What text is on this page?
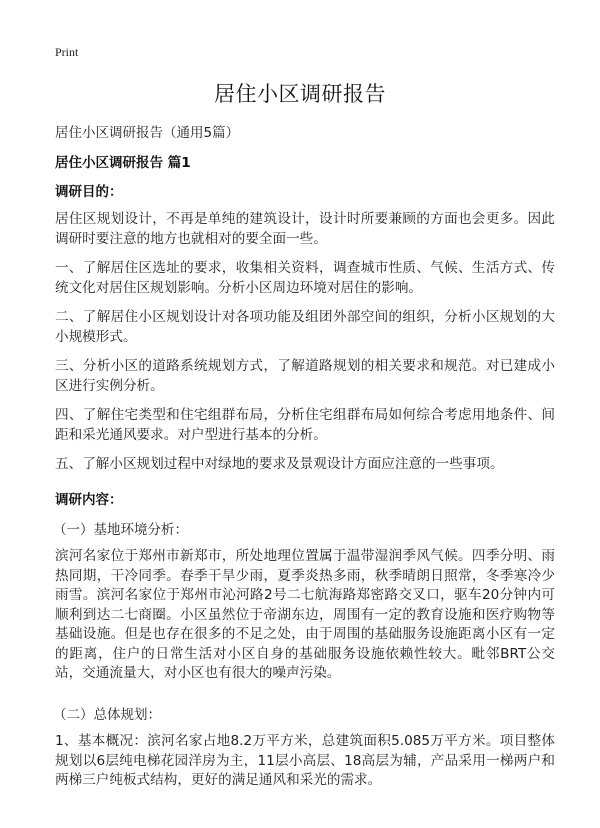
Print
居住小区调研报告

居住小区调研报告（通用5篇）

居住小区调研报告 篇1
调研目的：

居住区规划设计，不再是单纯的建筑设计，设计时所要兼顾的方面也会更多。因此调研时要注意的地方也就相对的要全面一些。

一、了解居住区选址的要求，收集相关资料，调查城市性质、气候、生活方式、传统文化对居住区规划影响。分析小区周边环境对居住的影响。

二、了解居住小区规划设计对各项功能及组团外部空间的组织，分析小区规划的大小规模形式。

三、分析小区的道路系统规划方式，了解道路规划的相关要求和规范。对已建成小区进行实例分析。

四、了解住宅类型和住宅组群布局，分析住宅组群布局如何综合考虑用地条件、间距和采光通风要求。对户型进行基本的分析。

五、了解小区规划过程中对绿地的要求及景观设计方面应注意的一些事项。

调研内容：

（一）基地环境分析：

滨河名家位于郑州市新郑市，所处地理位置属于温带湿润季风气候。四季分明、雨热同期，干冷同季。春季干旱少雨，夏季炎热多雨，秋季晴朗日照常，冬季寒冷少雨雪。滨河名家位于郑州市沁河路2号二七航海路郑密路交叉口，驱车20分钟内可顺利到达二七商圈。小区虽然位于帝湖东边，周围有一定的教育设施和医疗购物等基础设施。但是也存在很多的不足之处，由于周围的基础服务设施距离小区有一定的距离，住户的日常生活对小区自身的基础服务设施依赖性较大。毗邻BRT公交站，交通流量大，对小区也有很大的噪声污染。

（二）总体规划：

1、基本概况：滨河名家占地8.2万平方米，总建筑面积5.085万平方米。项目整体规划以6层纯电梯花园洋房为主，11层小高层、18高层为辅，产品采用一梯两户和两梯三户纯板式结构，更好的满足通风和采光的需求。
